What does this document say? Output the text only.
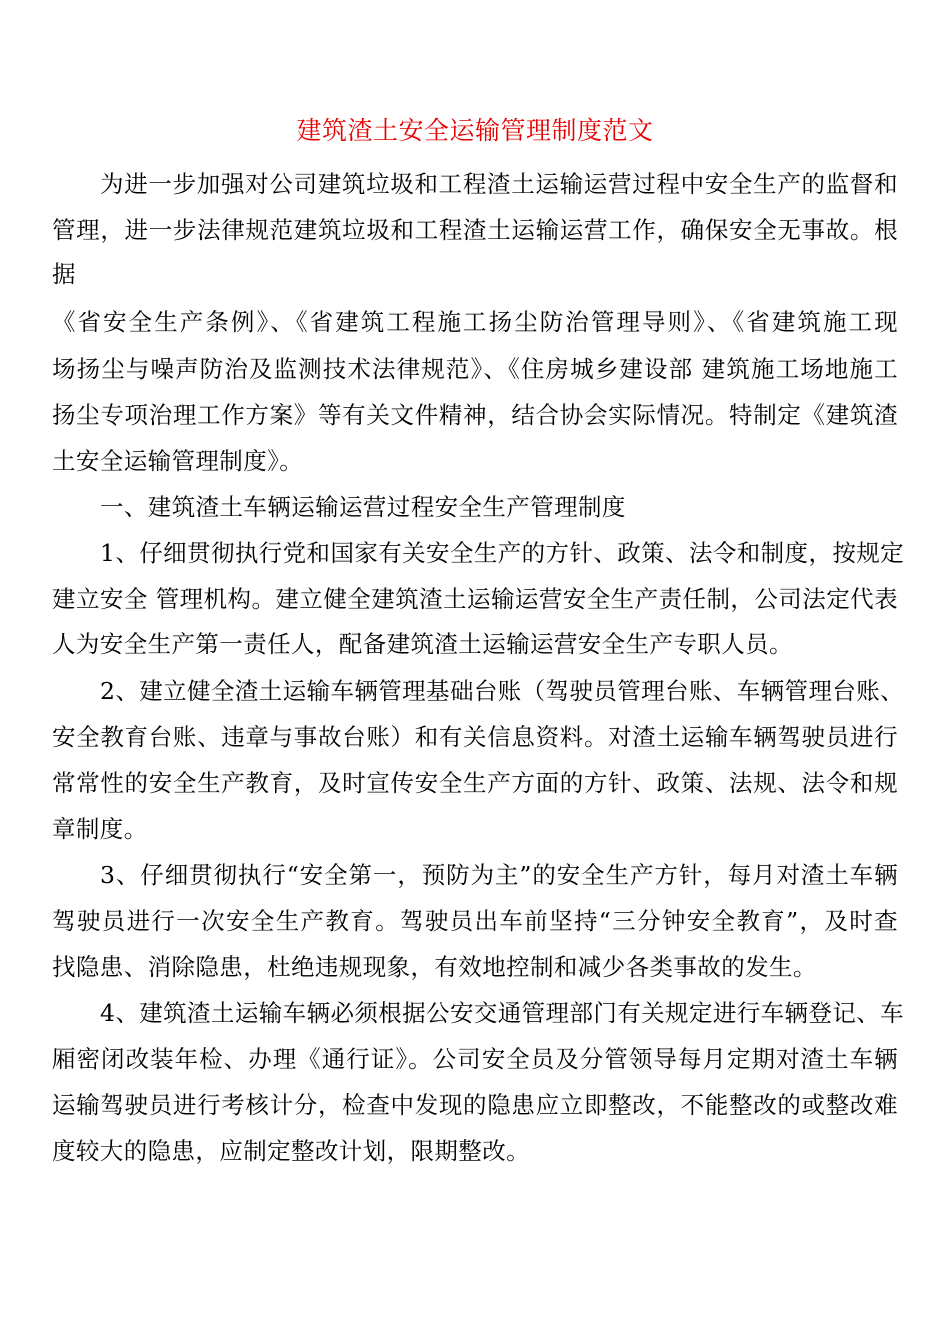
建筑渣土安全运输管理制度范文
为进一步加强对公司建筑垃圾和工程渣土运输运营过程中安全生产的监督和
管理，进一步法律规范建筑垃圾和工程渣土运输运营工作，确保安全无事故。根
据
《省安全生产条例》、《省建筑工程施工扬尘防治管理导则》、《省建筑施工现
场扬尘与噪声防治及监测技术法律规范》、《住房城乡建设部 建筑施工场地施工
扬尘专项治理工作方案》等有关文件精神，结合协会实际情况。特制定《建筑渣
土安全运输管理制度》。
一、建筑渣土车辆运输运营过程安全生产管理制度
1、仔细贯彻执行党和国家有关安全生产的方针、政策、法令和制度，按规定
建立安全 管理机构。建立健全建筑渣土运输运营安全生产责任制，公司法定代表
人为安全生产第一责任人，配备建筑渣土运输运营安全生产专职人员。
2、建立健全渣土运输车辆管理基础台账（驾驶员管理台账、车辆管理台账、
安全教育台账、违章与事故台账）和有关信息资料。对渣土运输车辆驾驶员进行
常常性的安全生产教育，及时宣传安全生产方面的方针、政策、法规、法令和规
章制度。
3、仔细贯彻执行“安全第一，预防为主”的安全生产方针，每月对渣土车辆
驾驶员进行一次安全生产教育。驾驶员出车前坚持“三分钟安全教育”，及时查
找隐患、消除隐患，杜绝违规现象，有效地控制和减少各类事故的发生。
4、建筑渣土运输车辆必须根据公安交通管理部门有关规定进行车辆登记、车
厢密闭改装年检、办理《通行证》。公司安全员及分管领导每月定期对渣土车辆
运输驾驶员进行考核计分，检查中发现的隐患应立即整改，不能整改的或整改难
度较大的隐患，应制定整改计划，限期整改。
